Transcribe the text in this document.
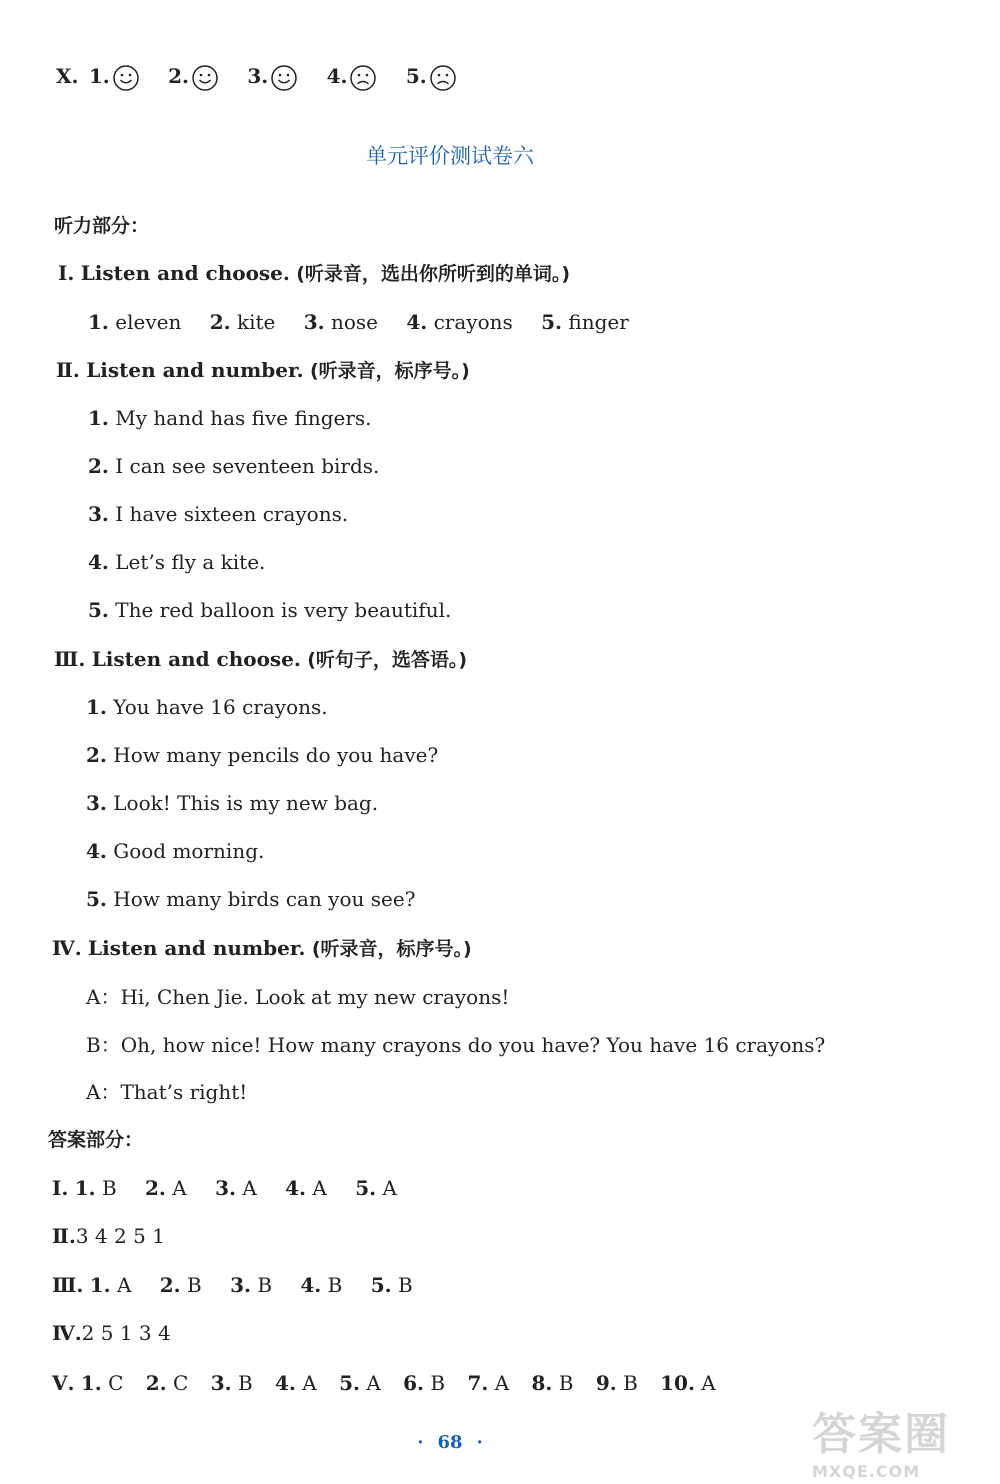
Ⅹ. 1.	2.	3.	4.	5.
单元评价测试卷六
听力部分：
Ⅰ. Listen and choose. (听录音，选出你所听到的单词。)
1. eleven 2. kite 3. nose 4. crayons 5. finger
Ⅱ. Listen and number. (听录音，标序号。)
1. My hand has five fingers.
2. I can see seventeen birds.
3. I have sixteen crayons.
4. Let’s fly a kite.
5. The red balloon is very beautiful.
Ⅲ. Listen and choose. (听句子，选答语。)
1. You have 16 crayons.
2. How many pencils do you have?
3. Look! This is my new bag.
4. Good morning.
5. How many birds can you see?
Ⅳ. Listen and number. (听录音，标序号。)
A：Hi, Chen Jie. Look at my new crayons!
B：Oh, how nice! How many crayons do you have? You have 16 crayons?
A：That’s right!
答案部分：
Ⅰ. 1. B 2. A 3. A 4. A 5. A
Ⅱ.3 4 2 5 1
Ⅲ. 1. A 2. B 3. B 4. B 5. B
Ⅳ.2 5 1 3 4
Ⅴ. 1. C 2. C 3. B 4. A 5. A 6. B 7. A 8. B 9. B 10. A
· 68 ·	答案圈
MXQE.COM
